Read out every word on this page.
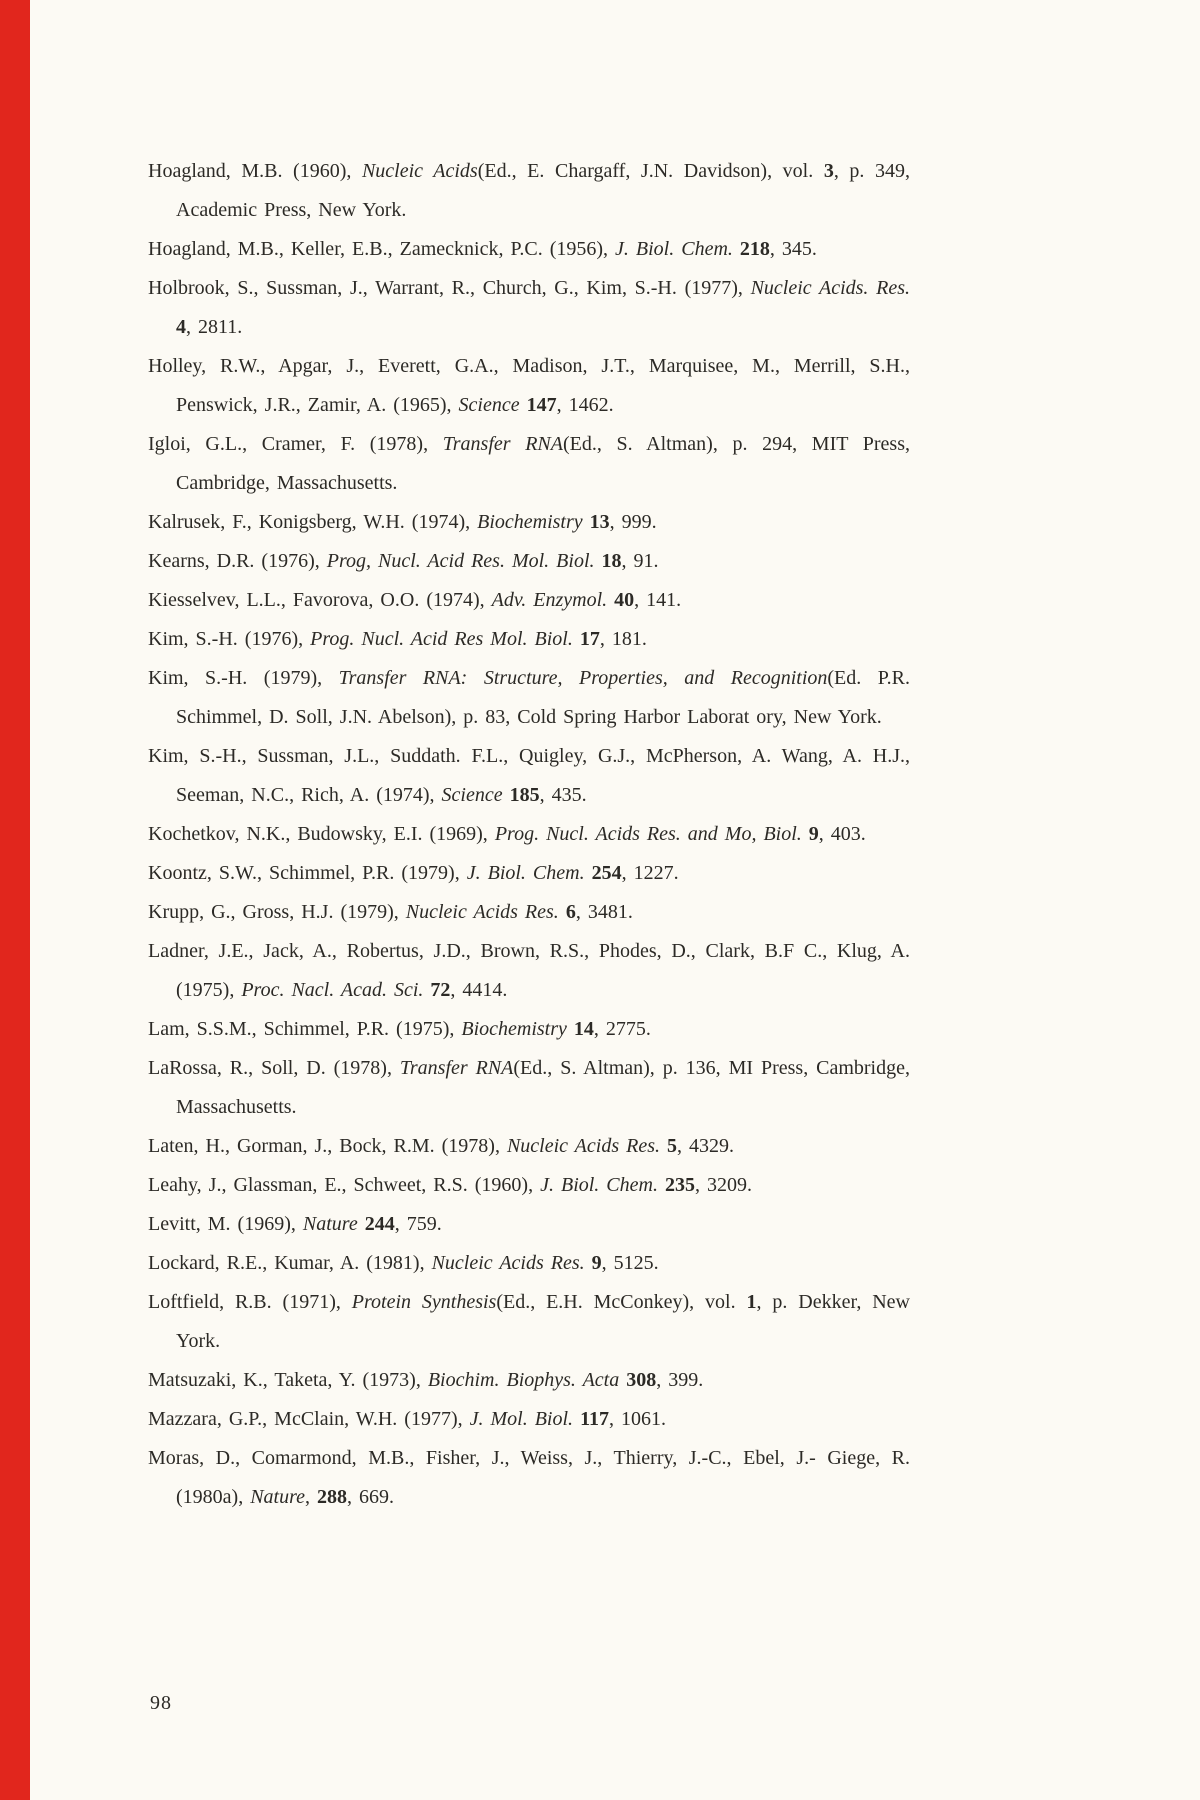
Hoagland, M.B. (1960), Nucleic Acids(Ed., E. Chargaff, J.N. Davidson), vol. 3, p. 349, Academic Press, New York.

Hoagland, M.B., Keller, E.B., Zamecknick, P.C. (1956), J. Biol. Chem. 218, 345.

Holbrook, S., Sussman, J., Warrant, R., Church, G., Kim, S.-H. (1977), Nucleic Acids. Res. 4, 2811.

Holley, R.W., Apgar, J., Everett, G.A., Madison, J.T., Marquisee, M., Merrill, S.H., Penswick, J.R., Zamir, A. (1965), Science 147, 1462.

Igloi, G.L., Cramer, F. (1978), Transfer RNA(Ed., S. Altman), p. 294, MIT Press, Cambridge, Massachusetts.

Kalrusek, F., Konigsberg, W.H. (1974), Biochemistry 13, 999.

Kearns, D.R. (1976), Prog, Nucl. Acid Res. Mol. Biol. 18, 91.

Kiesselvev, L.L., Favorova, O.O. (1974), Adv. Enzymol. 40, 141.

Kim, S.-H. (1976), Prog. Nucl. Acid Res Mol. Biol. 17, 181.

Kim, S.-H. (1979), Transfer RNA: Structure, Properties, and Recognition(Ed. P.R. Schimmel, D. Soll, J.N. Abelson), p. 83, Cold Spring Harbor Laborat ory, New York.

Kim, S.-H., Sussman, J.L., Suddath. F.L., Quigley, G.J., McPherson, A. Wang, A. H.J., Seeman, N.C., Rich, A. (1974), Science 185, 435.

Kochetkov, N.K., Budowsky, E.I. (1969), Prog. Nucl. Acids Res. and Mo, Biol. 9, 403.

Koontz, S.W., Schimmel, P.R. (1979), J. Biol. Chem. 254, 1227.

Krupp, G., Gross, H.J. (1979), Nucleic Acids Res. 6, 3481.

Ladner, J.E., Jack, A., Robertus, J.D., Brown, R.S., Phodes, D., Clark, B.F C., Klug, A. (1975), Proc. Nacl. Acad. Sci. 72, 4414.

Lam, S.S.M., Schimmel, P.R. (1975), Biochemistry 14, 2775.

LaRossa, R., Soll, D. (1978), Transfer RNA(Ed., S. Altman), p. 136, MI Press, Cambridge, Massachusetts.

Laten, H., Gorman, J., Bock, R.M. (1978), Nucleic Acids Res. 5, 4329.

Leahy, J., Glassman, E., Schweet, R.S. (1960), J. Biol. Chem. 235, 3209.

Levitt, M. (1969), Nature 244, 759.

Lockard, R.E., Kumar, A. (1981), Nucleic Acids Res. 9, 5125.

Loftfield, R.B. (1971), Protein Synthesis(Ed., E.H. McConkey), vol. 1, p. Dekker, New York.

Matsuzaki, K., Taketa, Y. (1973), Biochim. Biophys. Acta 308, 399.

Mazzara, G.P., McClain, W.H. (1977), J. Mol. Biol. 117, 1061.

Moras, D., Comarmond, M.B., Fisher, J., Weiss, J., Thierry, J.-C., Ebel, J.- Giege, R. (1980a), Nature, 288, 669.

98
